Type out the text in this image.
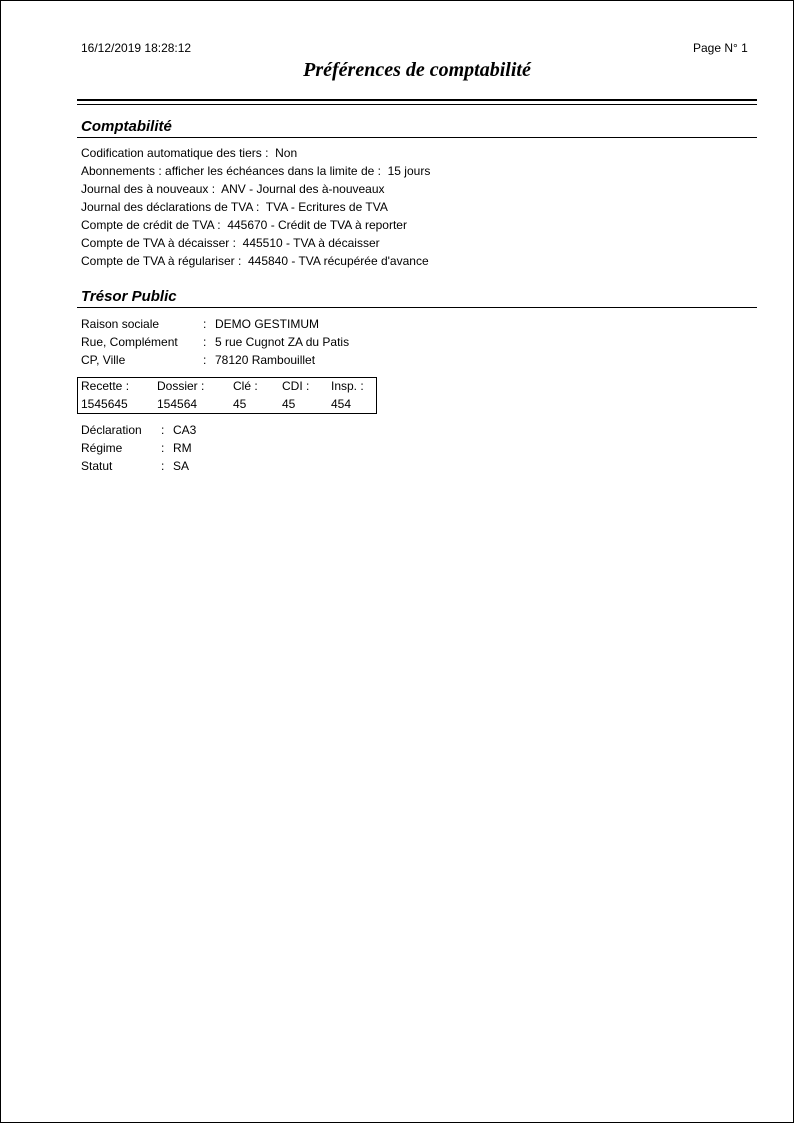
16/12/2019 18:28:12	Page N° 1
Préférences de comptabilité
Comptabilité
Codification automatique des tiers : Non
Abonnements : afficher les échéances dans la limite de : 15 jours
Journal des à nouveaux : ANV - Journal des à-nouveaux
Journal des déclarations de TVA : TVA - Ecritures de TVA
Compte de crédit de TVA : 445670 - Crédit de TVA à reporter
Compte de TVA à décaisser : 445510 - TVA à décaisser
Compte de TVA à régulariser : 445840 - TVA récupérée d'avance
Trésor Public
Raison sociale	: DEMO GESTIMUM
Rue, Complément : 5 rue Cugnot ZA du Patis
CP, Ville	: 78120 Rambouillet
Recette : Dossier : Clé : CDI : Insp. :
1545645 154564	45	45	454
Déclaration : CA3
Régime	: RM
Statut	: SA
